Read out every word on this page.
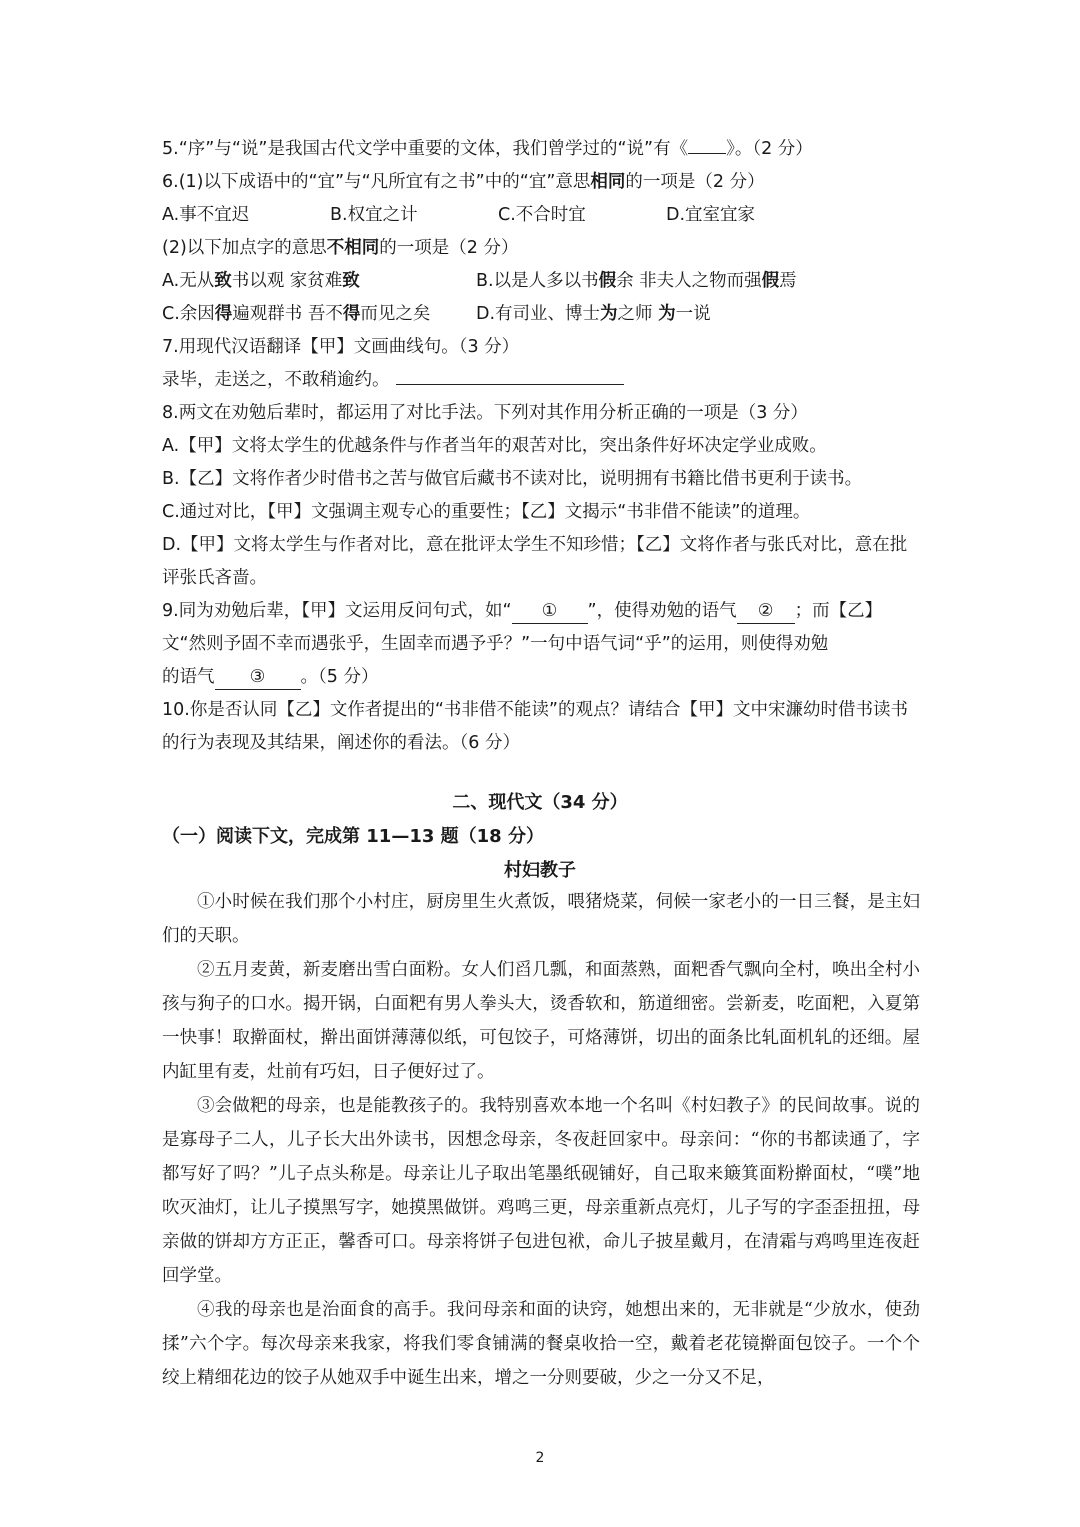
5.“序”与“说”是我国古代文学中重要的文体，我们曾学过的“说”有《 》。（2 分）
6.(1)以下成语中的“宜”与“凡所宜有之书”中的“宜”意思相同的一项是（2 分）
A.事不宜迟	B.权宜之计	C.不合时宜	D.宜室宜家
(2)以下加点字的意思不相同的一项是（2 分）
A.无从致书以观 家贫难致	B.以是人多以书假余 非夫人之物而强假焉
C.余因得遍观群书 吾不得而见之矣	D.有司业、博士为之师 为一说
7.用现代汉语翻译【甲】文画曲线句。（3 分）
录毕，走送之，不敢稍逾约。
8.两文在劝勉后辈时，都运用了对比手法。下列对其作用分析正确的一项是（3 分）
A.【甲】文将太学生的优越条件与作者当年的艰苦对比，突出条件好坏决定学业成败。
B.【乙】文将作者少时借书之苦与做官后藏书不读对比，说明拥有书籍比借书更利于读书。
C.通过对比，【甲】文强调主观专心的重要性；【乙】文揭示“书非借不能读”的道理。
D.【甲】文将太学生与作者对比，意在批评太学生不知珍惜；【乙】文将作者与张氏对比，意在批评张氏吝啬。
9.同为劝勉后辈，【甲】文运用反问句式，如“ ① ”，使得劝勉的语气 ② ；而【乙】
文“然则予固不幸而遇张乎，生固幸而遇予乎？”一句中语气词“乎”的运用，则使得劝勉
的语气 ③ 。（5 分）
10.你是否认同【乙】文作者提出的“书非借不能读”的观点？请结合【甲】文中宋濂幼时借书读书的行为表现及其结果，阐述你的看法。（6 分）
二、现代文（34 分）
（一）阅读下文，完成第 11—13 题（18 分）
村妇教子
①小时候在我们那个小村庄，厨房里生火煮饭，喂猪烧菜，伺候一家老小的一日三餐，是主妇们的天职。
②五月麦黄，新麦磨出雪白面粉。女人们舀几瓢，和面蒸熟，面粑香气飘向全村，唤出全村小孩与狗子的口水。揭开锅，白面粑有男人拳头大，烫香软和，筋道细密。尝新麦，吃面粑，入夏第一快事！取擀面杖，擀出面饼薄薄似纸，可包饺子，可烙薄饼，切出的面条比轧面机轧的还细。屋内缸里有麦，灶前有巧妇，日子便好过了。
③会做粑的母亲，也是能教孩子的。我特别喜欢本地一个名叫《村妇教子》的民间故事。说的是寡母子二人，儿子长大出外读书，因想念母亲，冬夜赶回家中。母亲问：“你的书都读通了，字都写好了吗？”儿子点头称是。母亲让儿子取出笔墨纸砚铺好，自己取来簸箕面粉擀面杖，“噗”地吹灭油灯，让儿子摸黑写字，她摸黑做饼。鸡鸣三更，母亲重新点亮灯，儿子写的字歪歪扭扭，母亲做的饼却方方正正，馨香可口。母亲将饼子包进包袱，命儿子披星戴月，在清霜与鸡鸣里连夜赶回学堂。
④我的母亲也是治面食的高手。我问母亲和面的诀窍，她想出来的，无非就是“少放水，使劲揉”六个字。每次母亲来我家，将我们零食铺满的餐桌收拾一空，戴着老花镜擀面包饺子。一个个绞上精细花边的饺子从她双手中诞生出来，增之一分则要破，少之一分又不足，
2
